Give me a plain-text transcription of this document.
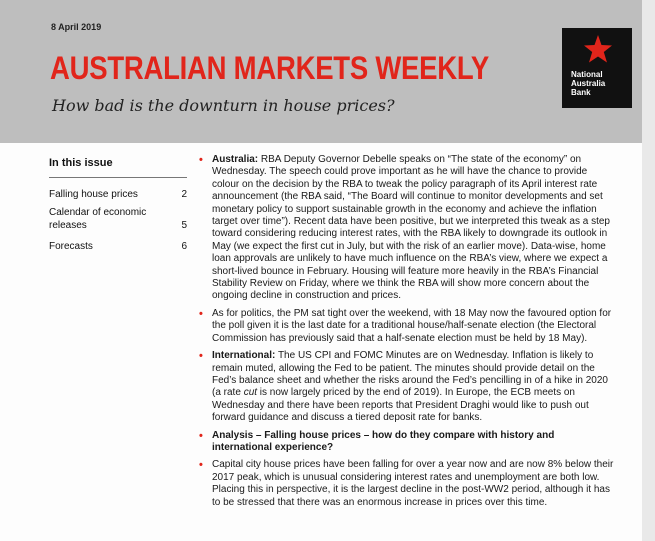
8 April 2019
AUSTRALIAN MARKETS WEEKLY
How bad is the downturn in house prices?
National
Australia
Bank
In this issue
Falling house prices	2
Calendar of economic releases	5
Forecasts	6
• Australia: RBA Deputy Governor Debelle speaks on “The state of the economy” on Wednesday. The speech could prove important as he will have the chance to provide colour on the decision by the RBA to tweak the policy paragraph of its April interest rate announcement (the RBA said, “The Board will continue to monitor developments and set monetary policy to support sustainable growth in the economy and achieve the inflation target over time”). Recent data have been positive, but we interpreted this tweak as a step toward considering reducing interest rates, with the RBA likely to downgrade its outlook in May (we expect the first cut in July, but with the risk of an earlier move). Data-wise, home loan approvals are unlikely to have much influence on the RBA’s view, where we expect a short-lived bounce in February. Housing will feature more heavily in the RBA’s Financial Stability Review on Friday, where we think the RBA will show more concern about the ongoing decline in construction and prices.
• As for politics, the PM sat tight over the weekend, with 18 May now the favoured option for the poll given it is the last date for a traditional house/half-senate election (the Electoral Commission has previously said that a half-senate election must be held by 18 May).
• International: The US CPI and FOMC Minutes are on Wednesday. Inflation is likely to remain muted, allowing the Fed to be patient. The minutes should provide detail on the Fed’s balance sheet and whether the risks around the Fed’s pencilling in of a hike in 2020 (a rate cut is now largely priced by the end of 2019). In Europe, the ECB meets on Wednesday and there have been reports that President Draghi would like to push out forward guidance and discuss a tiered deposit rate for banks.
• Analysis – Falling house prices – how do they compare with history and international experience?
• Capital city house prices have been falling for over a year now and are now 8% below their 2017 peak, which is unusual considering interest rates and unemployment are both low. Placing this in perspective, it is the largest decline in the post-WW2 period, although it has to be stressed that there was an enormous increase in prices over this time.
